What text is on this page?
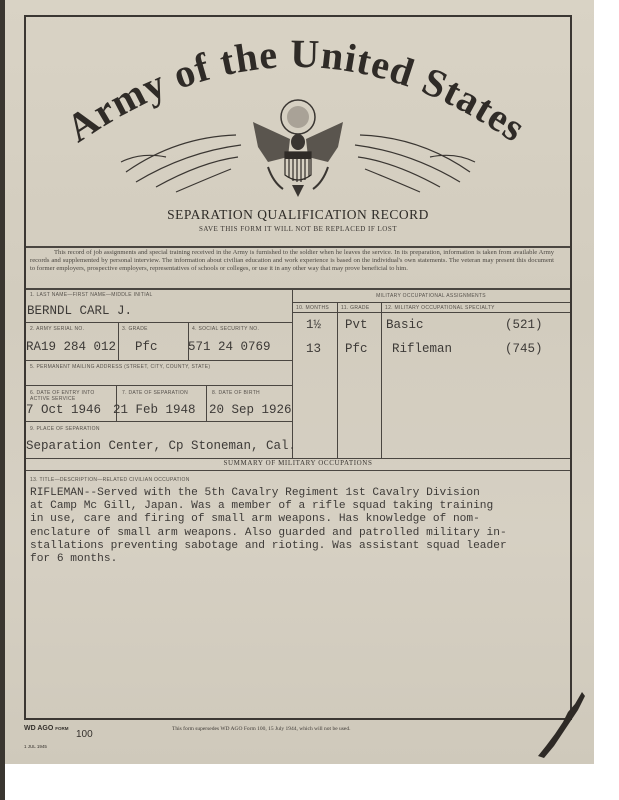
Army of the United States
SEPARATION QUALIFICATION RECORD
SAVE THIS FORM IT WILL NOT BE REPLACED IF LOST
This record of job assignments and special training received in the Army is furnished to the soldier when he leaves the service. In its preparation, information is taken from available Army records and supplemented by personal interview. The information about civilian education and work experience is based on the individual's own statements. The veteran may present this document to former employers, prospective employers, representatives of schools or colleges, or use it in any other way that may prove beneficial to him.
1. LAST NAME—FIRST NAME—MIDDLE INITIAL
BERNDL CARL J.
2. ARMY SERIAL NO.	3. GRADE	4. SOCIAL SECURITY NO.
RA19 284 012 Pfc 571 24 0769
5. PERMANENT MAILING ADDRESS (STREET, CITY, COUNTY, STATE)
6. DATE OF ENTRY INTO ACTIVE SERVICE
7. DATE OF SEPARATION	8. DATE OF BIRTH
7 Oct 1946 21 Feb 1948 20 Sep 1926
9. PLACE OF SEPARATION
Separation Center, Cp Stoneman, Cal.
MILITARY OCCUPATIONAL ASSIGNMENTS
10. MONTHS 11. GRADE	12. MILITARY OCCUPATIONAL SPECIALTY
1½ Pvt Basic	(521)
13 Pfc Rifleman	(745)
SUMMARY OF MILITARY OCCUPATIONS
13. TITLE—DESCRIPTION—RELATED CIVILIAN OCCUPATION
RIFLEMAN--Served with the 5th Cavalry Regiment 1st Cavalry Division
at Camp Mc Gill, Japan. Was a member of a rifle squad taking training
in use, care and firing of small arm weapons. Has knowledge of nom-
enclature of small arm weapons. Also guarded and patrolled military in-
stallations preventing sabotage and rioting. Was assistant squad leader
for 6 months.
WD AGO FORM
1 JUL 1945
100	This form supersedes WD AGO Form 100, 15 July 1944, which will not be used.
